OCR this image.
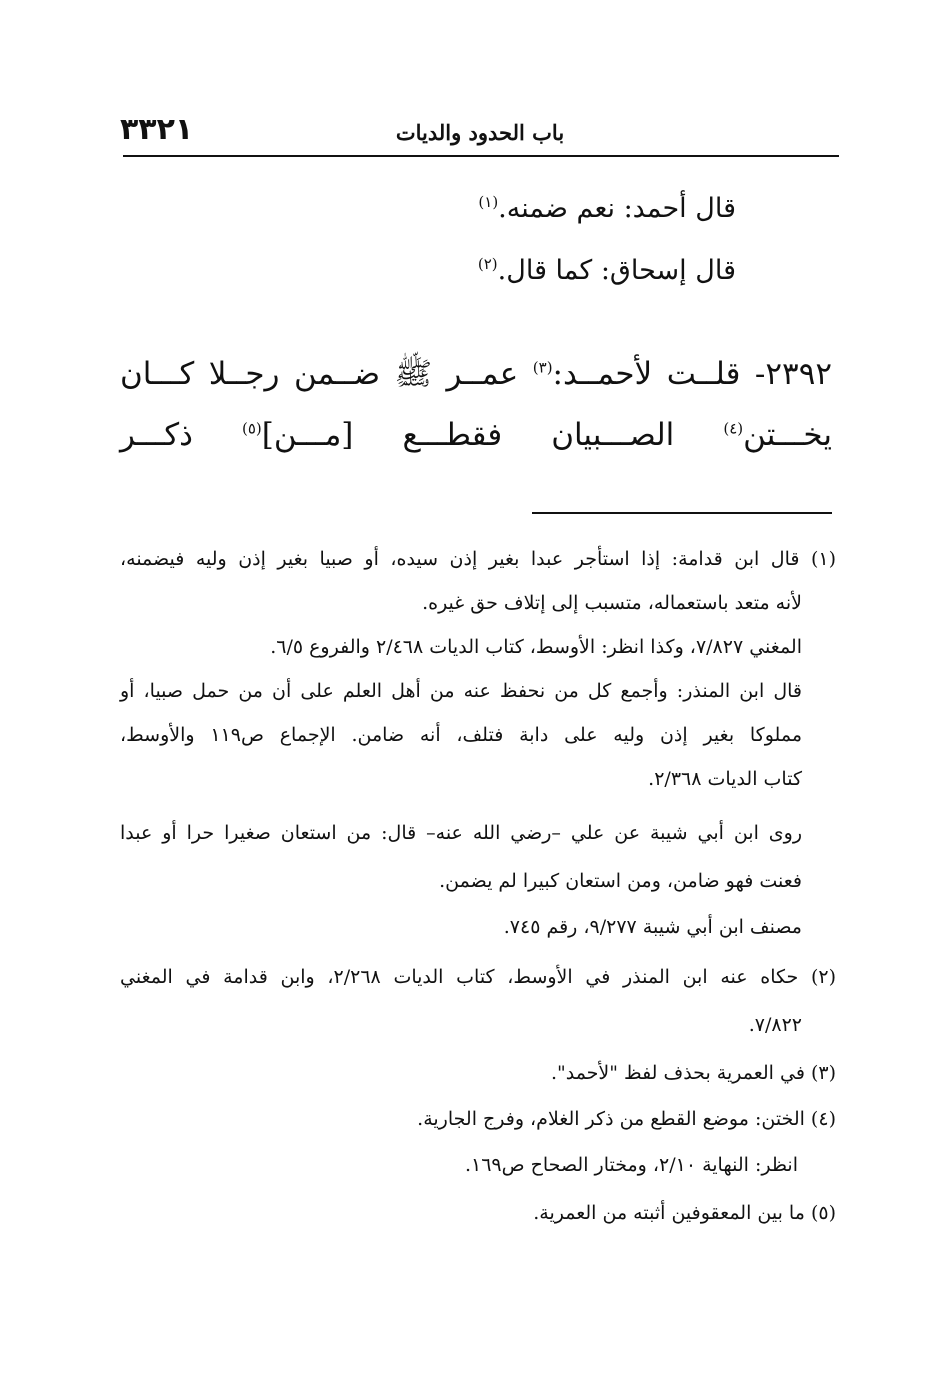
٣٣٢١	باب الحدود والديات
قال أحمد: نعم ضمنه.$^{(١)}$
قال إسحاق: كما قال.$^{(٢)}$
٢٣٩٢- قلــت لأحمــد:$^{(٣)}$ عمــر ﷺ ضــمن رجــلا كـــان
يخـــتن$^{(٤)}$ الصـــبيان فقطـــع [مـــن]$^{(٥)}$ ذكـــر
(١) قال ابن قدامة: إذا استأجر عبدا بغير إذن سيده، أو صبيا بغير إذن وليه فيضمنه،
لأنه متعد باستعماله، متسبب إلى إتلاف حق غيره.
المغني ٧/٨٢٧، وكذا انظر: الأوسط، كتاب الديات ٢/٤٦٨ والفروع ٦/٥.
قال ابن المنذر: وأجمع كل من نحفظ عنه من أهل العلم على أن من حمل صبيا، أو
مملوكا بغير إذن وليه على دابة فتلف، أنه ضامن. الإجماع ص١١٩ والأوسط،
كتاب الديات ٢/٣٦٨.
روى ابن أبي شيبة عن علي –رضي الله عنه– قال: من استعان صغيرا حرا أو عبدا
فعنت فهو ضامن، ومن استعان كبيرا لم يضمن.
مصنف ابن أبي شيبة ٩/٢٧٧، رقم ٧٤٥.
(٢) حكاه عنه ابن المنذر في الأوسط، كتاب الديات ٢/٢٦٨، وابن قدامة في المغني
٧/٨٢٢.
(٣) في العمرية بحذف لفظ "لأحمد".
(٤) الختن: موضع القطع من ذكر الغلام، وفرج الجارية.
انظر: النهاية ٢/١٠، ومختار الصحاح ص١٦٩.
(٥) ما بين المعقوفين أثبته من العمرية.
